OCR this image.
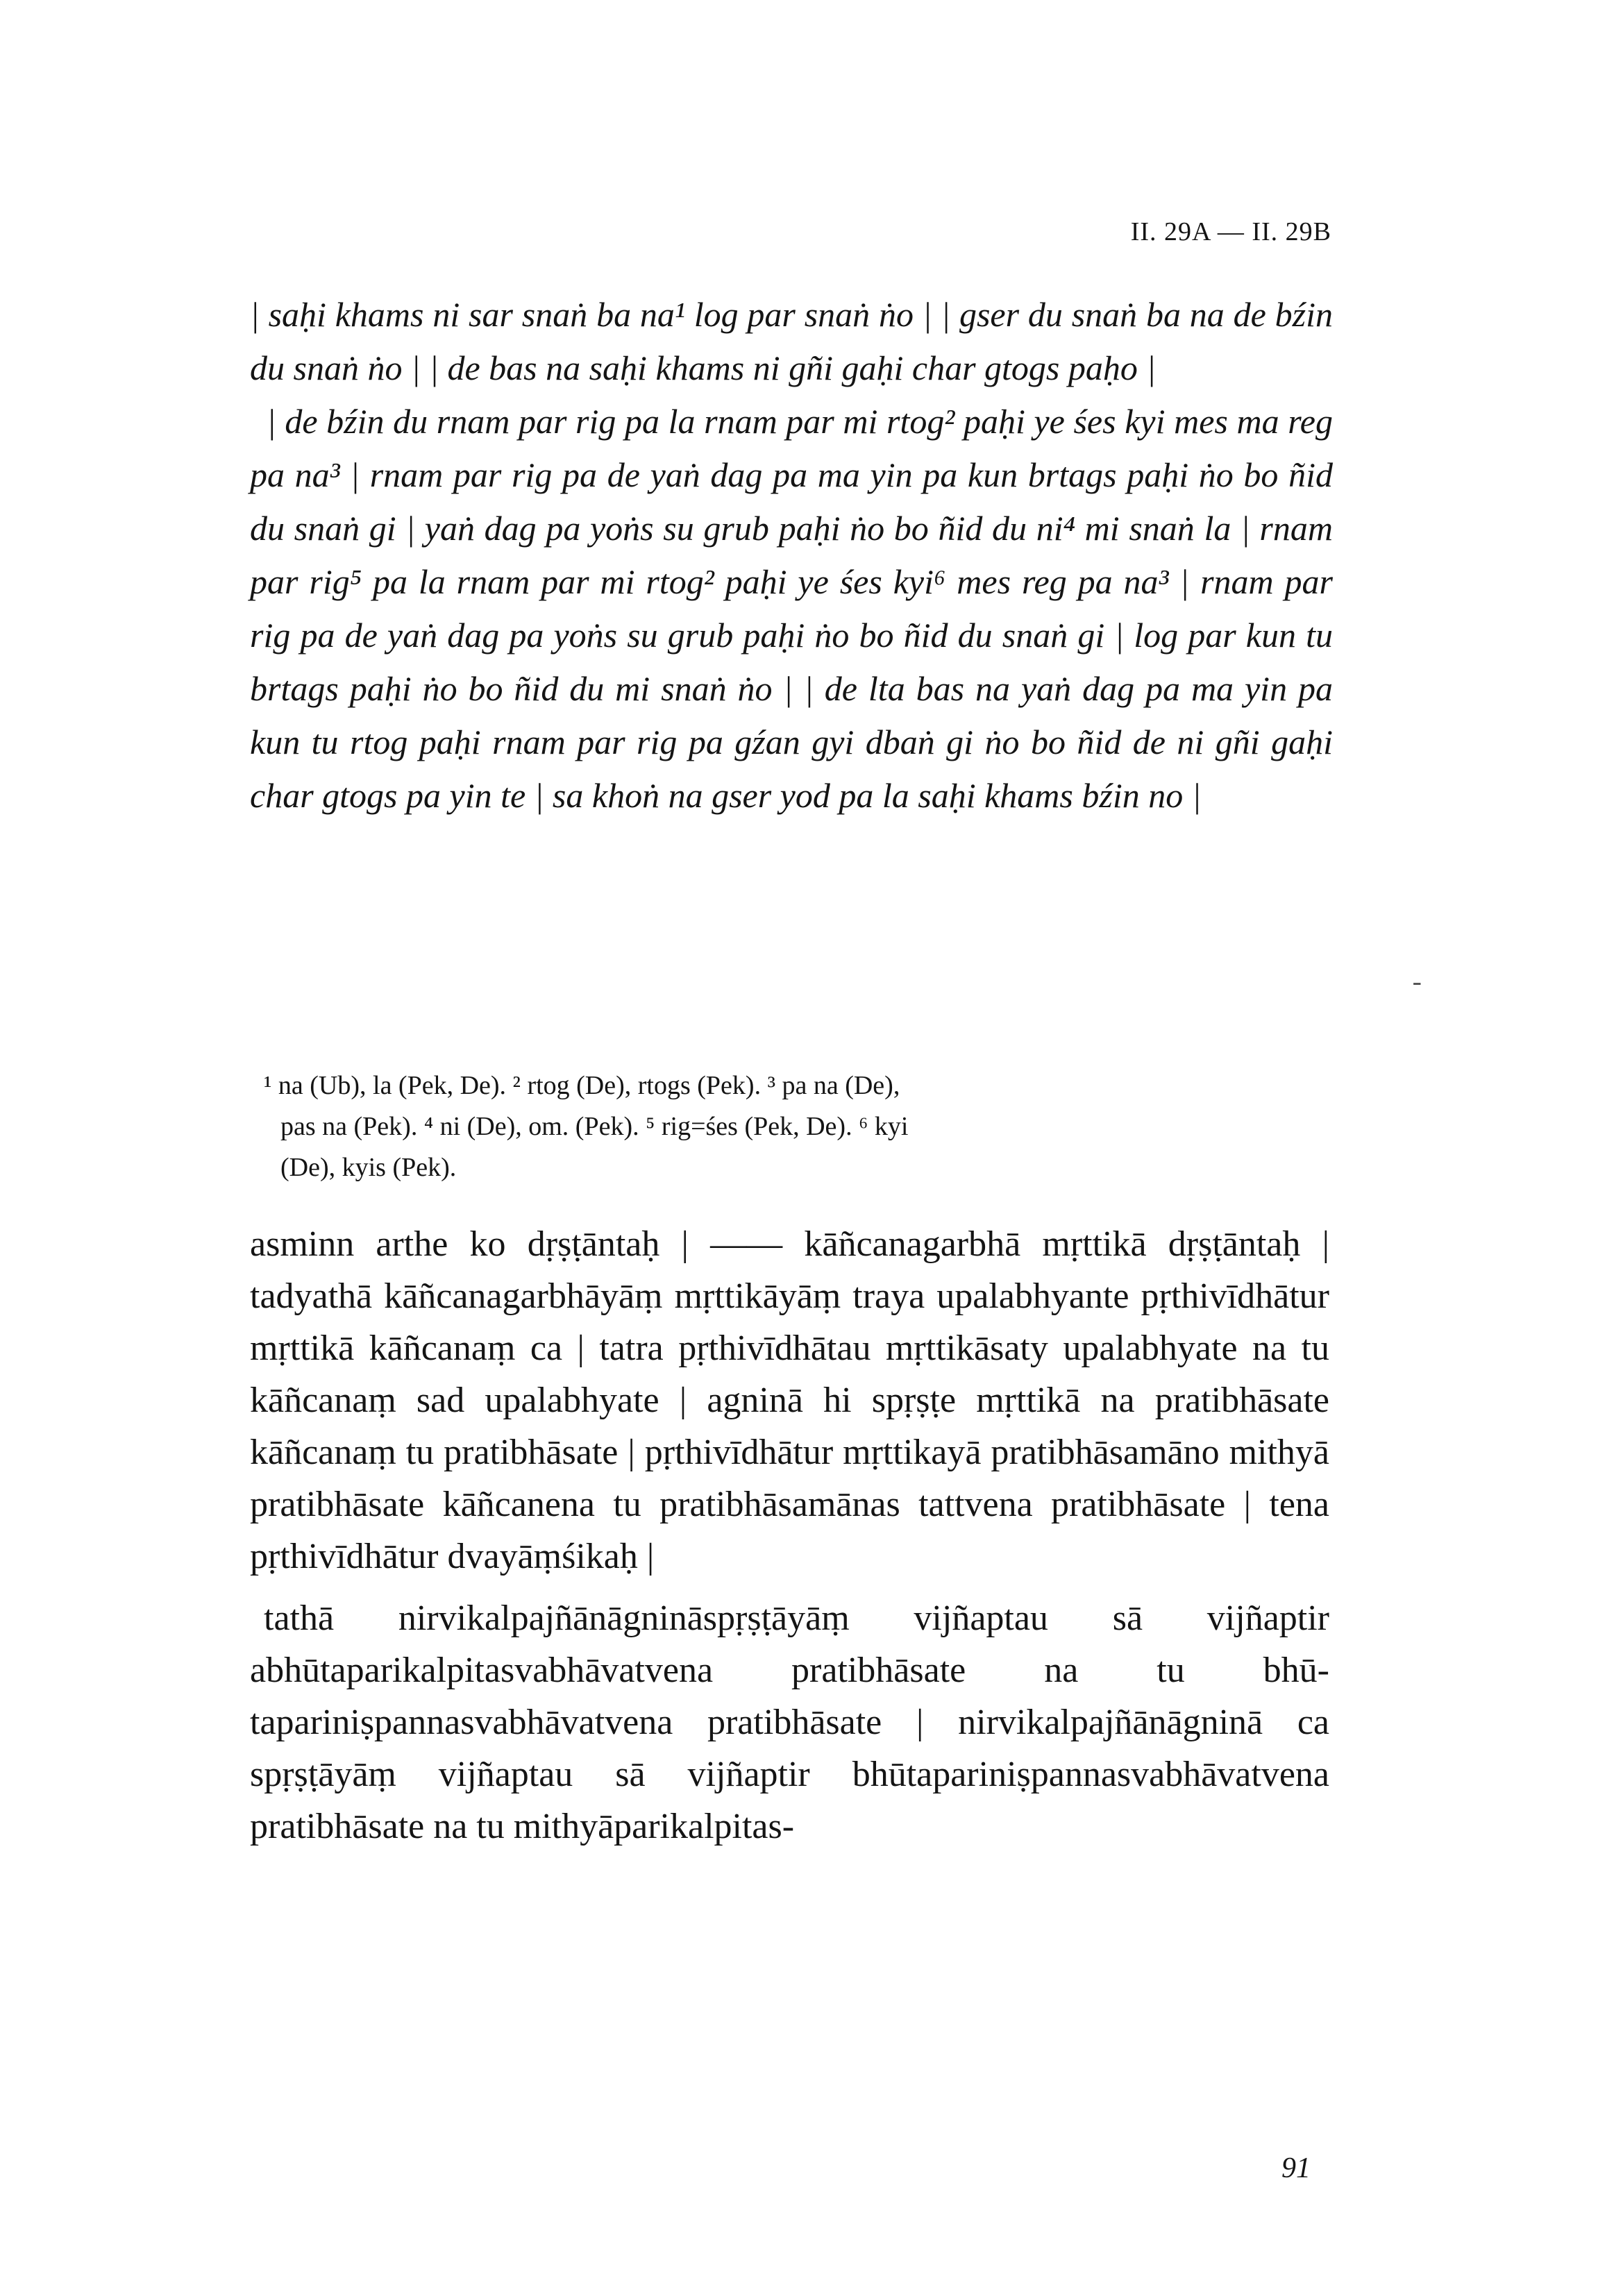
II. 29A — II. 29B

| saḥi khams ni sar snaṅ ba na¹ log par snaṅ ṅo | | gser du snaṅ ba na de bźin du snaṅ ṅo | | de bas na saḥi khams ni gñi gaḥi char gtogs paḥo |

| de bźin du rnam par rig pa la rnam par mi rtog² paḥi ye śes kyi mes ma reg pa na³ | rnam par rig pa de yaṅ dag pa ma yin pa kun brtags paḥi ṅo bo ñid du snaṅ gi | yaṅ dag pa yoṅs su grub paḥi ṅo bo ñid du ni⁴ mi snaṅ la | rnam par rig⁵ pa la rnam par mi rtog² paḥi ye śes kyi⁶ mes reg pa na³ | rnam par rig pa de yaṅ dag pa yoṅs su grub paḥi ṅo bo ñid du snaṅ gi | log par kun tu brtags paḥi ṅo bo ñid du mi snaṅ ṅo | | de lta bas na yaṅ dag pa ma yin pa kun tu rtog paḥi rnam par rig pa gźan gyi dbaṅ gi ṅo bo ñid de ni gñi gaḥi char gtogs pa yin te | sa khoṅ na gser yod pa la saḥi khams bźin no |

-

¹ na (Ub), la (Pek, De). ² rtog (De), rtogs (Pek). ³ pa na (De),

pas na (Pek). ⁴ ni (De), om. (Pek). ⁵ rig=śes (Pek, De). ⁶ kyi

(De), kyis (Pek).

asminn arthe ko dṛṣṭāntaḥ | —— kāñcanagarbhā mṛttikā dṛṣṭāntaḥ | tadyathā kāñcanagarbhāyāṃ mṛttikāyāṃ traya upalabhyante pṛthivīdhātur mṛttikā kāñcanaṃ ca | tatra pṛthivīdhātau mṛttikāsaty upalabhyate na tu kāñcanaṃ sad upalabhyate | agninā hi spṛṣṭe mṛttikā na pratibhāsate kāñcanaṃ tu pratibhāsate | pṛthivīdhātur mṛttikayā pratibhāsamāno mithyā pratibhāsate kāñcanena tu pratibhāsamānas tattvena pratibhāsate | tena pṛthivīdhātur dvayāṃśikaḥ |

tathā nirvikalpajñānāgnināspṛṣṭāyāṃ vijñaptau sā vijñaptir abhūtaparikalpitasvabhāvatvena pratibhāsate na tu bhūtapariniṣpannasvabhāvatvena pratibhāsate | nirvikalpajñānāgninā ca spṛṣṭāyāṃ vijñaptau sā vijñaptir bhūtapariniṣpannasvabhāvatvena pratibhāsate na tu mithyāparikalpitas-

91
